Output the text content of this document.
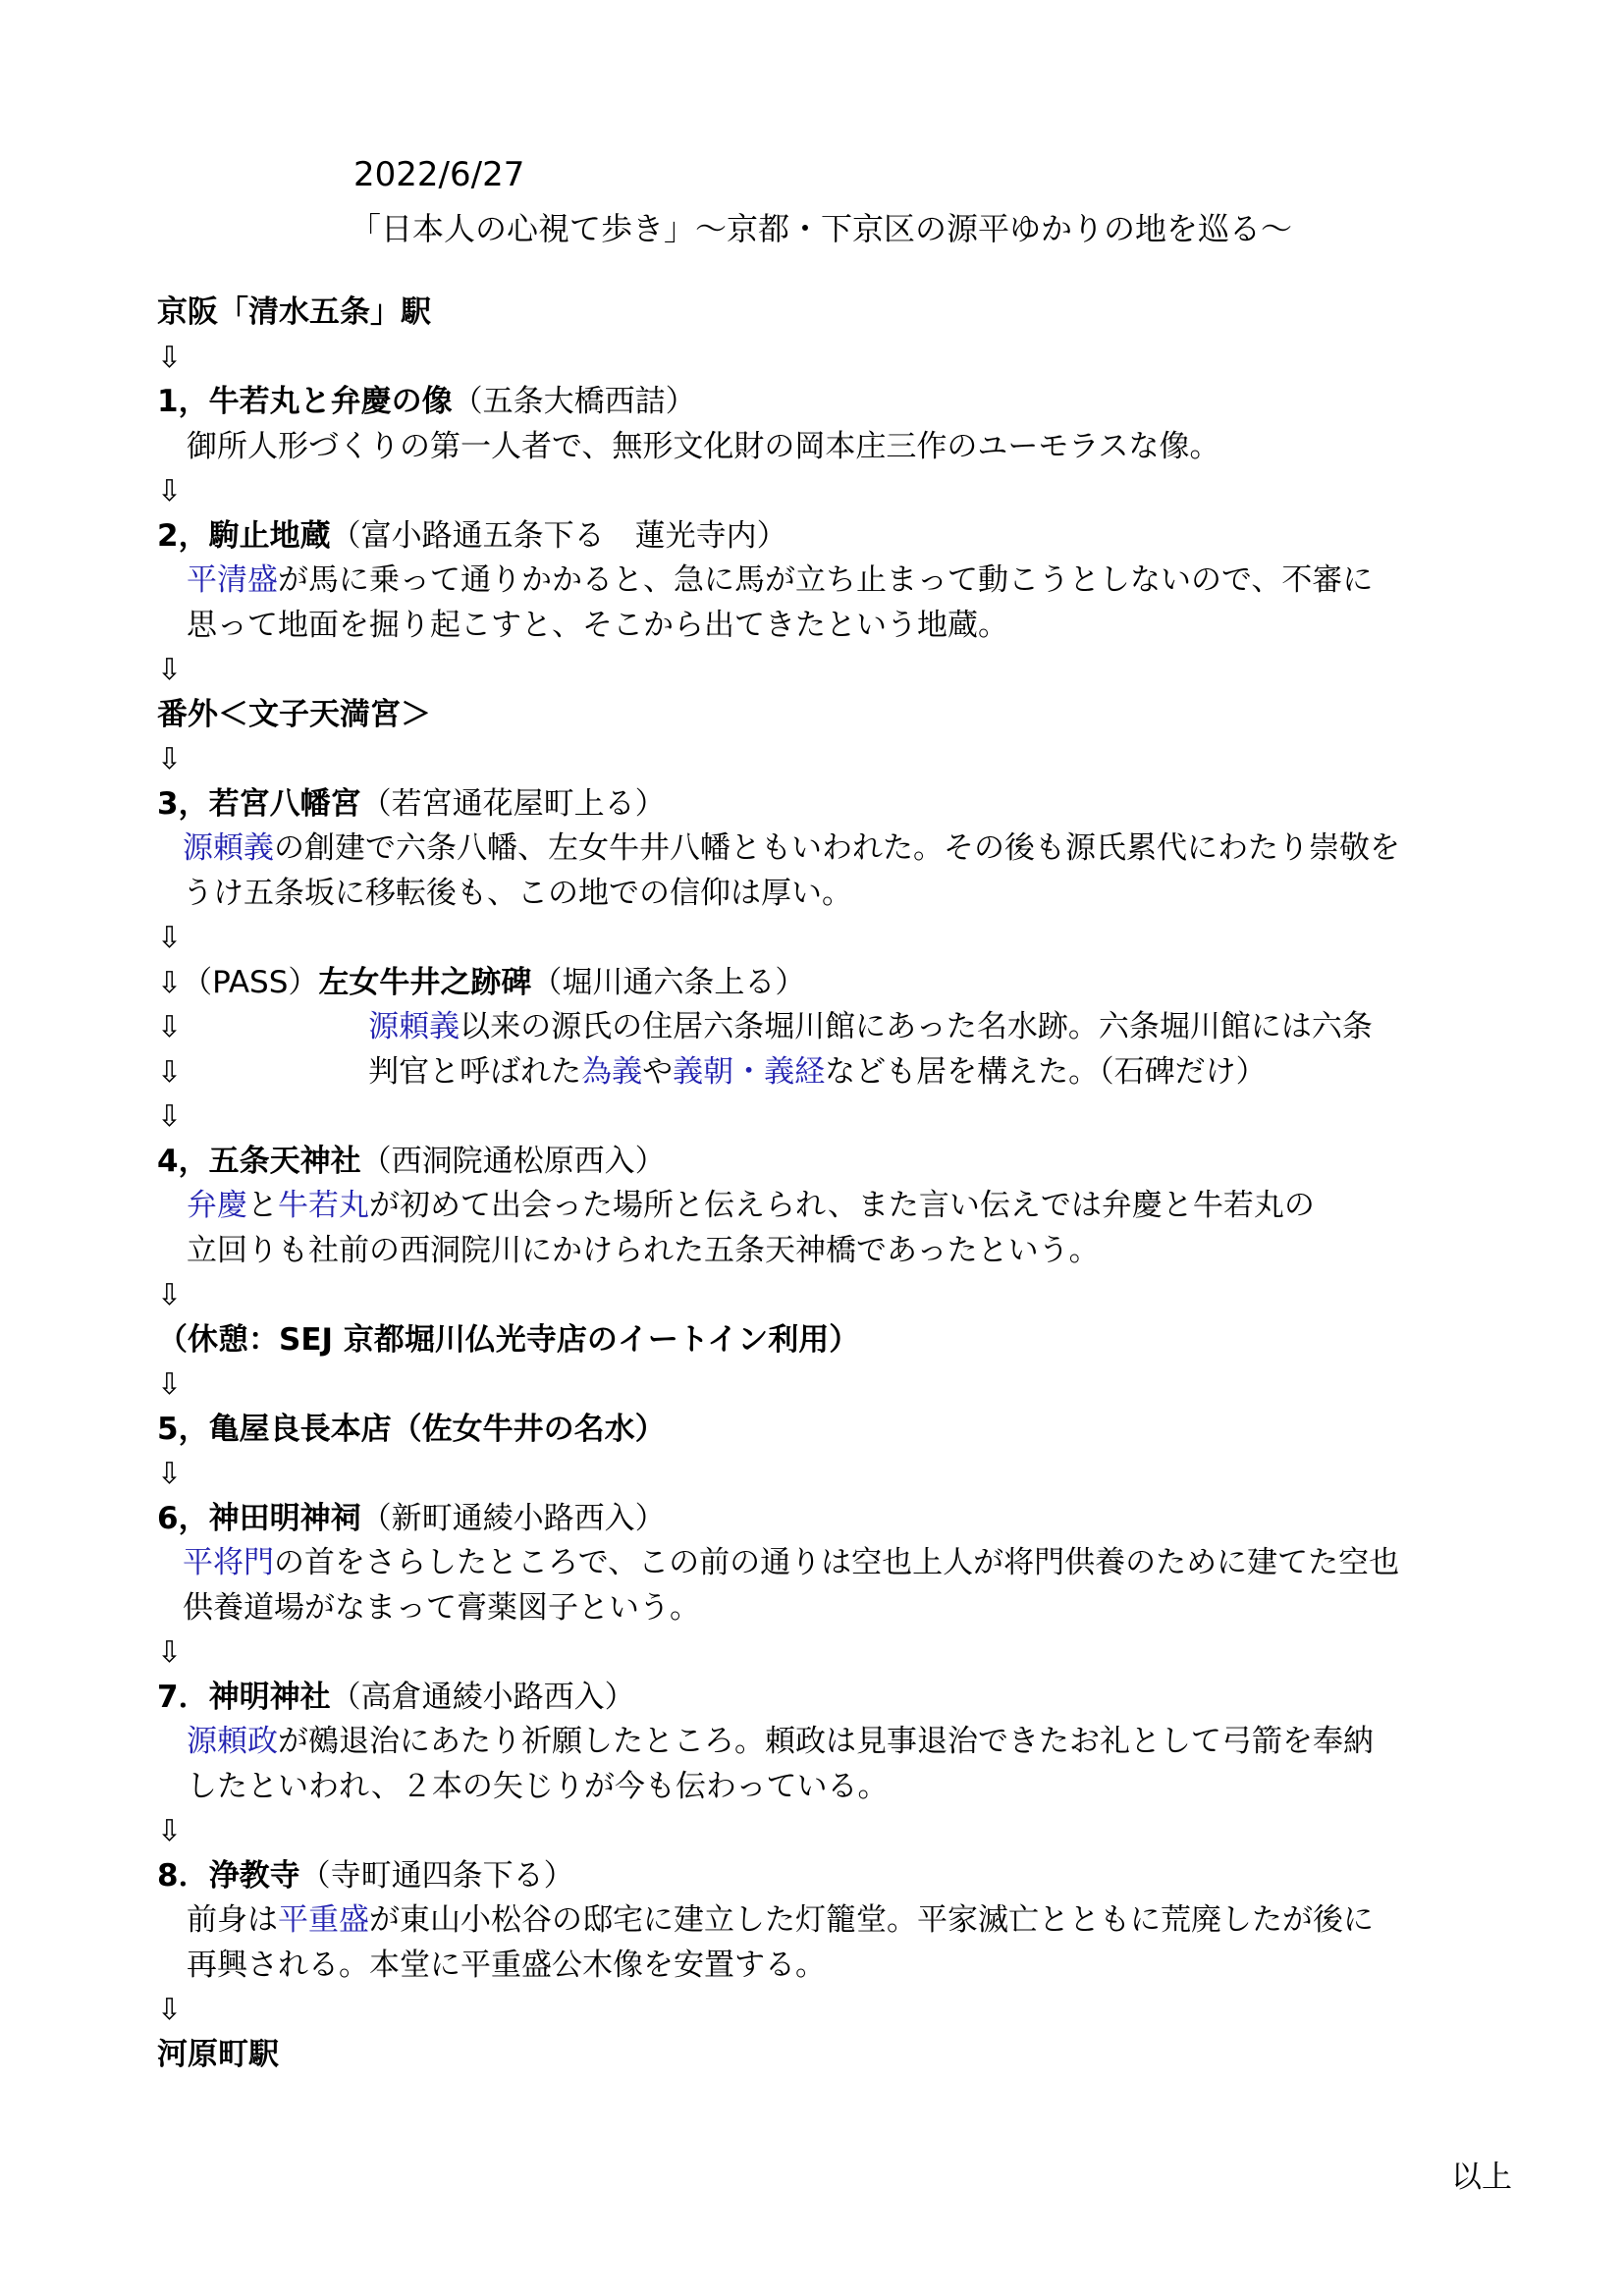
2022/6/27
「日本人の心視て歩き」〜京都・下京区の源平ゆかりの地を巡る〜
京阪「清水五条」駅
⇩
1，牛若丸と弁慶の像（五条大橋西詰）
御所人形づくりの第一人者で、無形文化財の岡本庄三作のユーモラスな像。
⇩
2，駒止地蔵（富小路通五条下る　蓮光寺内）
平清盛が馬に乗って通りかかると、急に馬が立ち止まって動こうとしないので、不審に
思って地面を掘り起こすと、そこから出てきたという地蔵。
⇩
番外＜文子天満宮＞
⇩
3，若宮八幡宮（若宮通花屋町上る）
源頼義の創建で六条八幡、左女牛井八幡ともいわれた。その後も源氏累代にわたり崇敬を
うけ五条坂に移転後も、この地での信仰は厚い。
⇩
⇩（PASS）左女牛井之跡碑（堀川通六条上る）
⇩	源頼義以来の源氏の住居六条堀川館にあった名水跡。六条堀川館には六条
⇩	判官と呼ばれた為義や義朝・義経なども居を構えた。（石碑だけ）
⇩
4，五条天神社（西洞院通松原西入）
弁慶と牛若丸が初めて出会った場所と伝えられ、また言い伝えでは弁慶と牛若丸の
立回りも社前の西洞院川にかけられた五条天神橋であったという。
⇩
（休憩：SEJ 京都堀川仏光寺店のイートイン利用）
⇩
5，亀屋良長本店（佐女牛井の名水）
⇩
6，神田明神祠（新町通綾小路西入）
平将門の首をさらしたところで、この前の通りは空也上人が将門供養のために建てた空也
供養道場がなまって膏薬図子という。
⇩
7．神明神社（高倉通綾小路西入）
源頼政が鵺退治にあたり祈願したところ。頼政は見事退治できたお礼として弓箭を奉納
したといわれ、２本の矢じりが今も伝わっている。
⇩
8．浄教寺（寺町通四条下る）
前身は平重盛が東山小松谷の邸宅に建立した灯籠堂。平家滅亡とともに荒廃したが後に
再興される。本堂に平重盛公木像を安置する。
⇩
河原町駅
以上
